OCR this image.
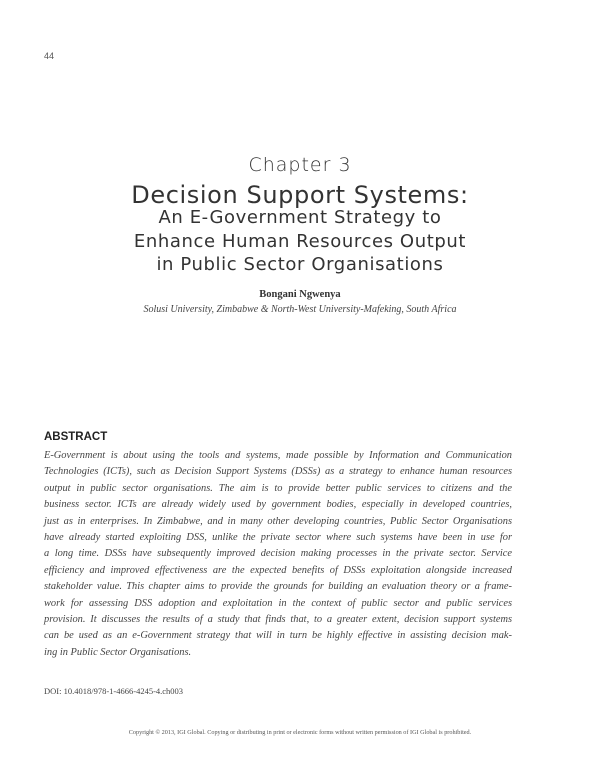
44
Chapter 3
Decision Support Systems:
An E-Government Strategy to
Enhance Human Resources Output
in Public Sector Organisations
Bongani Ngwenya
Solusi University, Zimbabwe & North-West University-Mafeking, South Africa
ABSTRACT
E-Government is about using the tools and systems, made possible by Information and Communication
Technologies (ICTs), such as Decision Support Systems (DSSs) as a strategy to enhance human resources
output in public sector organisations. The aim is to provide better public services to citizens and the
business sector. ICTs are already widely used by government bodies, especially in developed countries,
just as in enterprises. In Zimbabwe, and in many other developing countries, Public Sector Organisations
have already started exploiting DSS, unlike the private sector where such systems have been in use for
a long time. DSSs have subsequently improved decision making processes in the private sector. Service
efficiency and improved effectiveness are the expected benefits of DSSs exploitation alongside increased
stakeholder value. This chapter aims to provide the grounds for building an evaluation theory or a frame-
work for assessing DSS adoption and exploitation in the context of public sector and public services
provision. It discusses the results of a study that finds that, to a greater extent, decision support systems
can be used as an e-Government strategy that will in turn be highly effective in assisting decision mak-
ing in Public Sector Organisations.
DOI: 10.4018/978-1-4666-4245-4.ch003
Copyright © 2013, IGI Global. Copying or distributing in print or electronic forms without written permission of IGI Global is prohibited.
